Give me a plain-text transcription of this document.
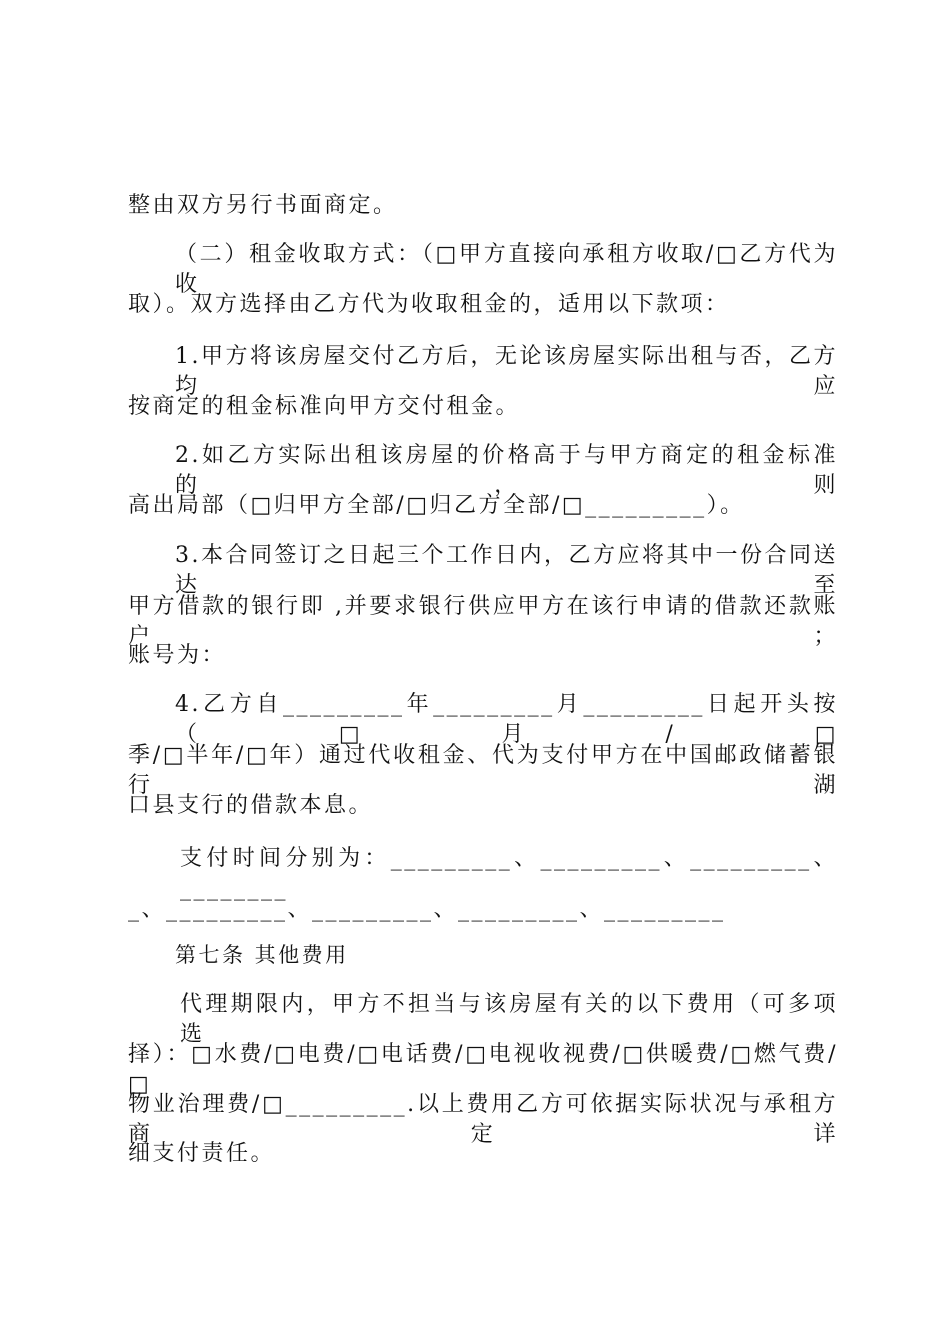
整由双方另行书面商定。
（二）租金收取方式：（□甲方直接向承租方收取/□乙方代为收
取）。双方选择由乙方代为收取租金的，适用以下款项：
1.甲方将该房屋交付乙方后，无论该房屋实际出租与否，乙方均应
按商定的租金标准向甲方交付租金。
2.如乙方实际出租该房屋的价格高于与甲方商定的租金标准的，则
高出局部（□归甲方全部/□归乙方全部/□_________）。
3.本合同签订之日起三个工作日内，乙方应将其中一份合同送达至
甲方借款的银行即 ,并要求银行供应甲方在该行申请的借款还款账户；
账号为：
4.乙方自_________年_________月_________日起开头按（□月/□
季/□半年/□年）通过代收租金、代为支付甲方在中国邮政储蓄银行湖
口县支行的借款本息。
支付时间分别为：_________、_________、_________、________
_、_________、_________、_________、_________
第七条 其他费用
代理期限内，甲方不担当与该房屋有关的以下费用（可多项选
择）：□水费/□电费/□电话费/□电视收视费/□供暖费/□燃气费/□
物业治理费/□_________.以上费用乙方可依据实际状况与承租方商定详
细支付责任。
